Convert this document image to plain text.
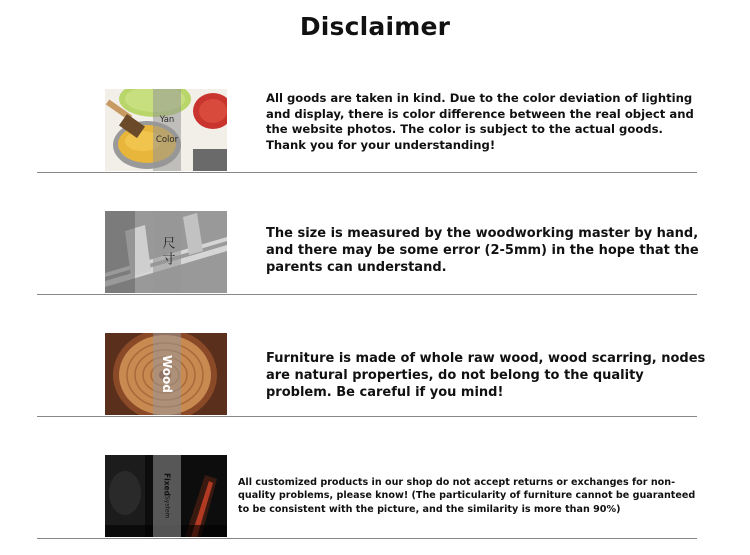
Disclaimer
Yan
Color
All goods are taken in kind. Due to the color deviation of lighting and display, there is color difference between the real object and the website photos. The color is subject to the actual goods. Thank you for your understanding!
尺寸
The size is measured by the woodworking master by hand, and there may be some error (2-5mm) in the hope that the parents can understand.
Wood	Furniture is made of whole raw wood, wood scarring, nodes are natural properties, do not belong to the quality problem. Be careful if you mind!
Fixed
System
All customized products in our shop do not accept returns or exchanges for non-quality problems, please know! (The particularity of furniture cannot be guaranteed to be consistent with the picture, and the similarity is more than 90%)
